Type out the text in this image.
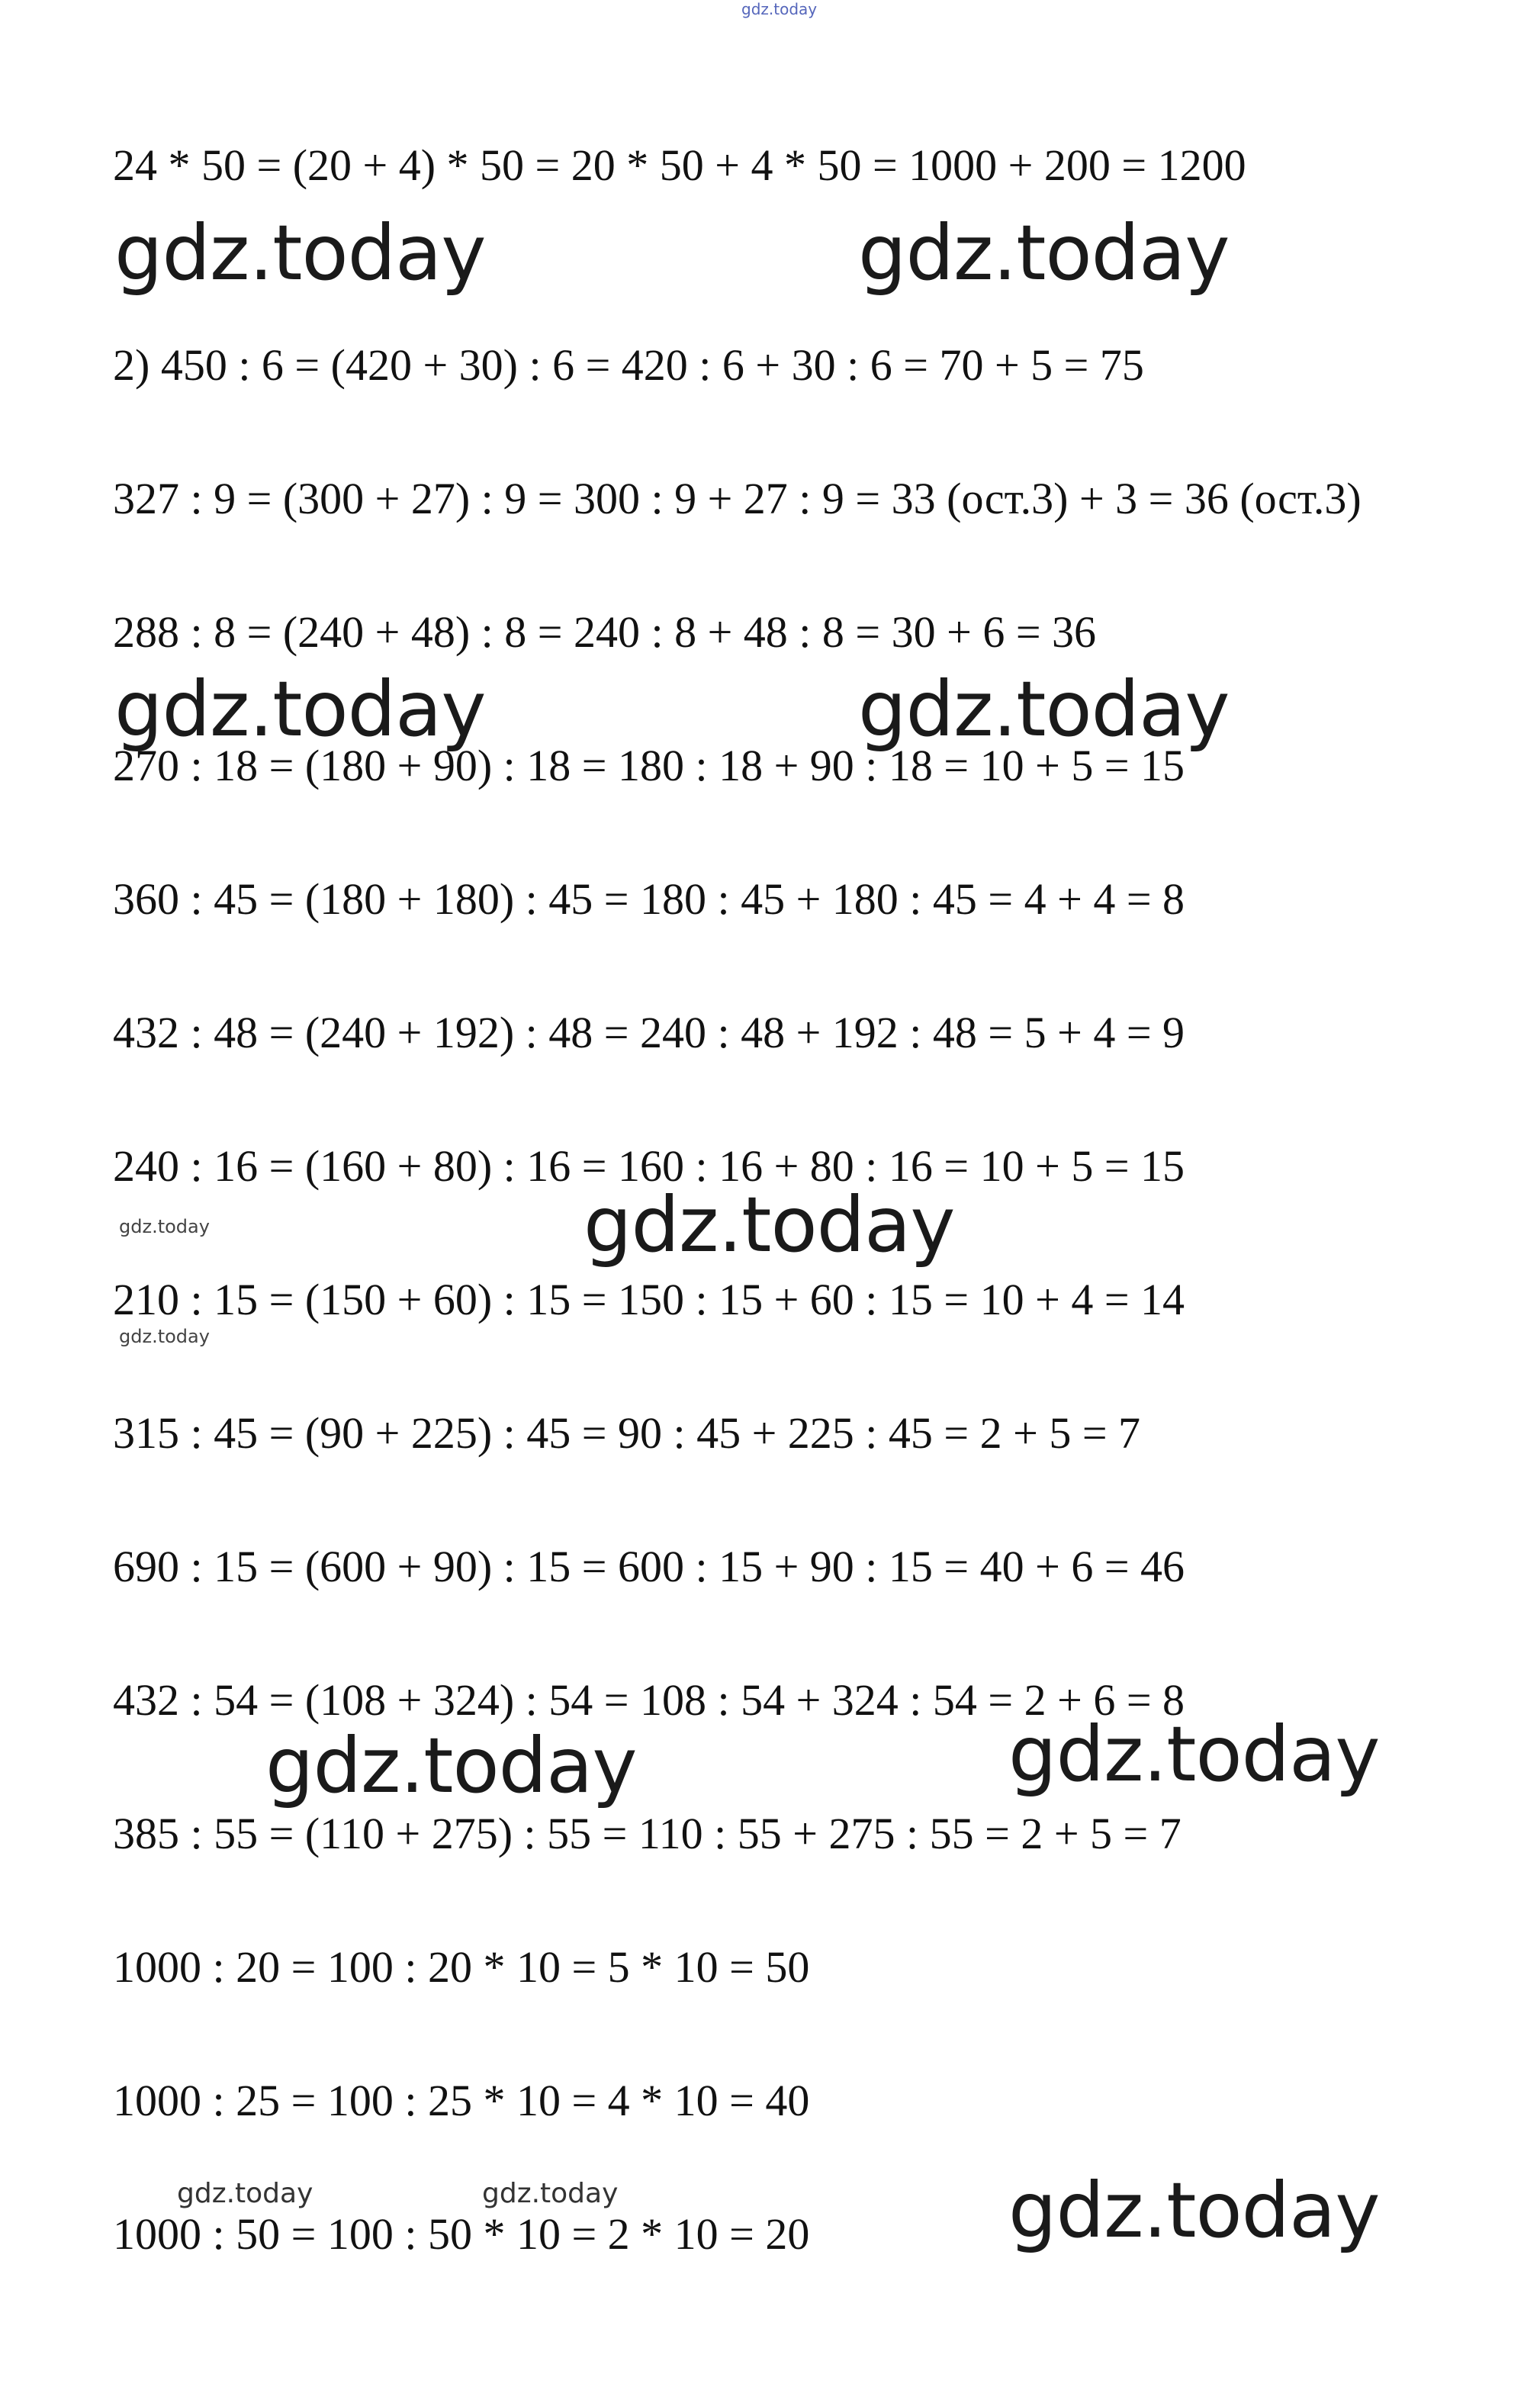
gdz.today
24 * 50 = (20 + 4) * 50 = 20 * 50 + 4 * 50 = 1000 + 200 = 1200
2) 450 : 6 = (420 + 30) : 6 = 420 : 6 + 30 : 6 = 70 + 5 = 75
327 : 9 = (300 + 27) : 9 = 300 : 9 + 27 : 9 = 33 (ост.3) + 3 = 36 (ост.3)
288 : 8 = (240 + 48) : 8 = 240 : 8 + 48 : 8 = 30 + 6 = 36
270 : 18 = (180 + 90) : 18 = 180 : 18 + 90 : 18 = 10 + 5 = 15
360 : 45 = (180 + 180) : 45 = 180 : 45 + 180 : 45 = 4 + 4 = 8
432 : 48 = (240 + 192) : 48 = 240 : 48 + 192 : 48 = 5 + 4 = 9
240 : 16 = (160 + 80) : 16 = 160 : 16 + 80 : 16 = 10 + 5 = 15
210 : 15 = (150 + 60) : 15 = 150 : 15 + 60 : 15 = 10 + 4 = 14
315 : 45 = (90 + 225) : 45 = 90 : 45 + 225 : 45 = 2 + 5 = 7
690 : 15 = (600 + 90) : 15 = 600 : 15 + 90 : 15 = 40 + 6 = 46
432 : 54 = (108 + 324) : 54 = 108 : 54 + 324 : 54 = 2 + 6 = 8
385 : 55 = (110 + 275) : 55 = 110 : 55 + 275 : 55 = 2 + 5 = 7
1000 : 20 = 100 : 20 * 10 = 5 * 10 = 50
1000 : 25 = 100 : 25 * 10 = 4 * 10 = 40
1000 : 50 = 100 : 50 * 10 = 2 * 10 = 20
gdz.today	gdz.today
gdz.today	gdz.today
gdz.today
gdz.today	gdz.today
gdz.today
gdz.today
gdz.today
gdz.today	gdz.today
